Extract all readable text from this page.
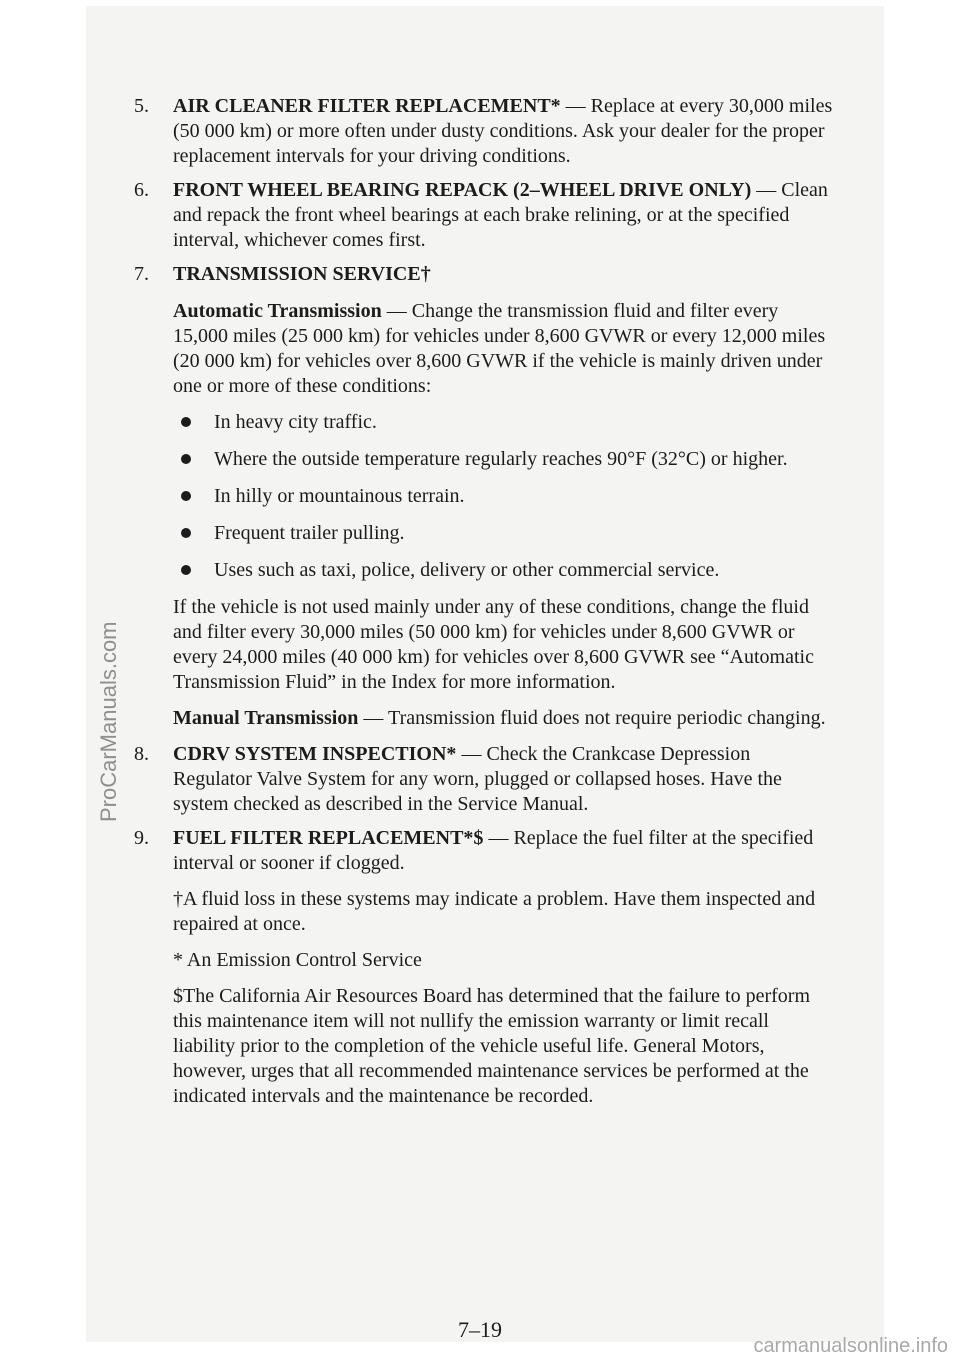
ProCarManuals.com

5. AIR CLEANER FILTER REPLACEMENT* — Replace at every 30,000 miles (50 000 km) or more often under dusty conditions. Ask your dealer for the proper replacement intervals for your driving conditions.

6. FRONT WHEEL BEARING REPACK (2–WHEEL DRIVE ONLY) — Clean and repack the front wheel bearings at each brake relining, or at the specified interval, whichever comes first.

7. TRANSMISSION SERVICE†

Automatic Transmission — Change the transmission fluid and filter every 15,000 miles (25 000 km) for vehicles under 8,600 GVWR or every 12,000 miles (20 000 km) for vehicles over 8,600 GVWR if the vehicle is mainly driven under one or more of these conditions:

In heavy city traffic.
Where the outside temperature regularly reaches 90°F (32°C) or higher.
In hilly or mountainous terrain.
Frequent trailer pulling.
Uses such as taxi, police, delivery or other commercial service.

If the vehicle is not used mainly under any of these conditions, change the fluid and filter every 30,000 miles (50 000 km) for vehicles under 8,600 GVWR or every 24,000 miles (40 000 km) for vehicles over 8,600 GVWR see “Automatic Transmission Fluid” in the Index for more information.

Manual Transmission — Transmission fluid does not require periodic changing.

8. CDRV SYSTEM INSPECTION* — Check the Crankcase Depression Regulator Valve System for any worn, plugged or collapsed hoses. Have the system checked as described in the Service Manual.

9. FUEL FILTER REPLACEMENT*$ — Replace the fuel filter at the specified interval or sooner if clogged.

†A fluid loss in these systems may indicate a problem. Have them inspected and repaired at once.

* An Emission Control Service

$The California Air Resources Board has determined that the failure to perform this maintenance item will not nullify the emission warranty or limit recall liability prior to the completion of the vehicle useful life. General Motors, however, urges that all recommended maintenance services be performed at the indicated intervals and the maintenance be recorded.

7–19
carmanualsonline.info
